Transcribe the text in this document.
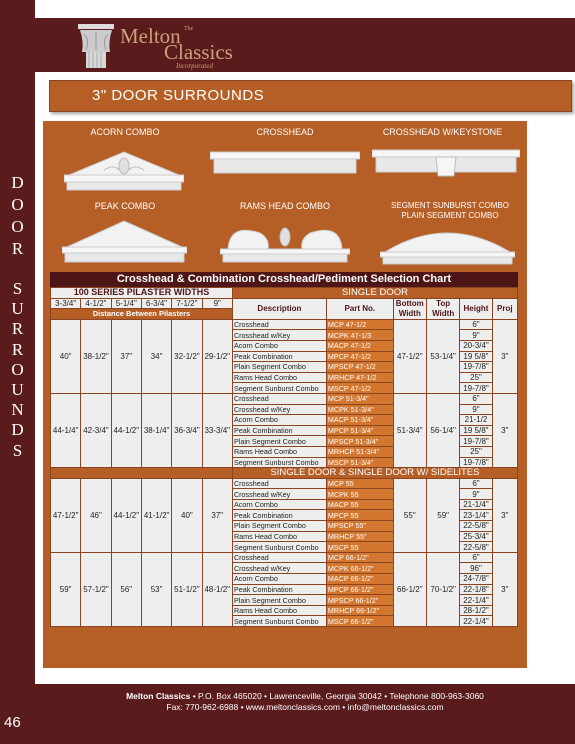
D
O
O
R
S
U
R
R
O
U
N
D
S
46
Melton The
Classics
Incorporated
3" DOOR SURROUNDS
ACORN COMBO	CROSSHEAD	CROSSHEAD W/KEYSTONE
PEAK COMBO	RAMS HEAD COMBO	SEGMENT SUNBURST COMBO
PLAIN SEGMENT COMBO
Crosshead & Combination Crosshead/Pediment Selection Chart
100 SERIES PILASTER WIDTHS						SINGLE DOOR					
3-3/4"	4-1/2"	5-1/4"	6-3/4"	7-1/2"	9"	Description	Part No.	Bottom Width	Top Width	Height	Proj
Distance Between Pilasters											
40"	38-1/2"	37"	34"	32-1/2"	29-1/2"	Crosshead	MCP 47-1/2	47-1/2"	53-1/4"	6"	3"
						Crosshead w/Key	MCPK 47-1/3			9"	
						Acorn Combo	MACP 47-1/2			20-3/4"	
						Peak Combination	MPCP 47-1/2			19 5/8"	
						Plain Segment Combo	MPSCP 47-1/2			19-7/8"	
						Rams Head Combo	MRHCP 47-1/2			25"	
						Segment Sunburst Combo	MSCP 47-1/2			19-7/8"	
44-1/4"	42-3/4"	44-1/2"	38-1/4"	36-3/4"	33-3/4"	Crosshead	MCP 51-3/4"	51-3/4"	56-1/4"	6"	3"
						Crosshead w/Key	MCPK 51-3/4"			9"	
						Acorn Combo	MACP 51-3/4"			21-1/2	
						Peak Combination	MPCP 51-3/4"			19 5/8"	
						Plain Segment Combo	MPSCP 51-3/4"			19-7/8"	
						Rams Head Combo	MRHCP 51-3/4"			25"	
						Segment Sunburst Combo	MSCP 51-3/4"			19-7/8"	
						SINGLE DOOR & SINGLE DOOR W/ SIDELITES					
47-1/2"	46"	44-1/2"	41-1/2"	40"	37"	Crosshead	MCP 55	55"	59"	6"	3"
						Crosshead w/Key	MCPK 55			9"	
						Acorn Combo	MACP 55			21-1/4"	
						Peak Combination	MPCP 55			23-1/4"	
						Plain Segment Combo	MPSCP 55"			22-5/8"	
						Rams Head Combo	MRHCP 55"			25-3/4"	
						Segment Sunburst Combo	MSCP 55			22-5/8"	
59"	57-1/2"	56"	53"	51-1/2"	48-1/2"	Crosshead	MCP 66-1/2"	66-1/2"	70-1/2"	6"	3"
						Crosshead w/Key	MCPK 66-1/2"			96"	
						Acorn Combo	MACP 66-1/2"			24-7/8"	
						Peak Combination	MPCP 66-1/2"			22-1/8"	
						Plain Segment Combo	MPSCP 66-1/2"			22-1/4"	
						Rams Head Combo	MRHCP 66-1/2"			28-1/2"	
						Segment Sunburst Combo	MSCP 66-1/2"			22-1/4"	
Melton Classics • P.O. Box 465020 • Lawrenceville, Georgia 30042 • Telephone 800-963-3060
Fax: 770-962-6988 • www.meltonclassics.com • info@meltonclassics.com
